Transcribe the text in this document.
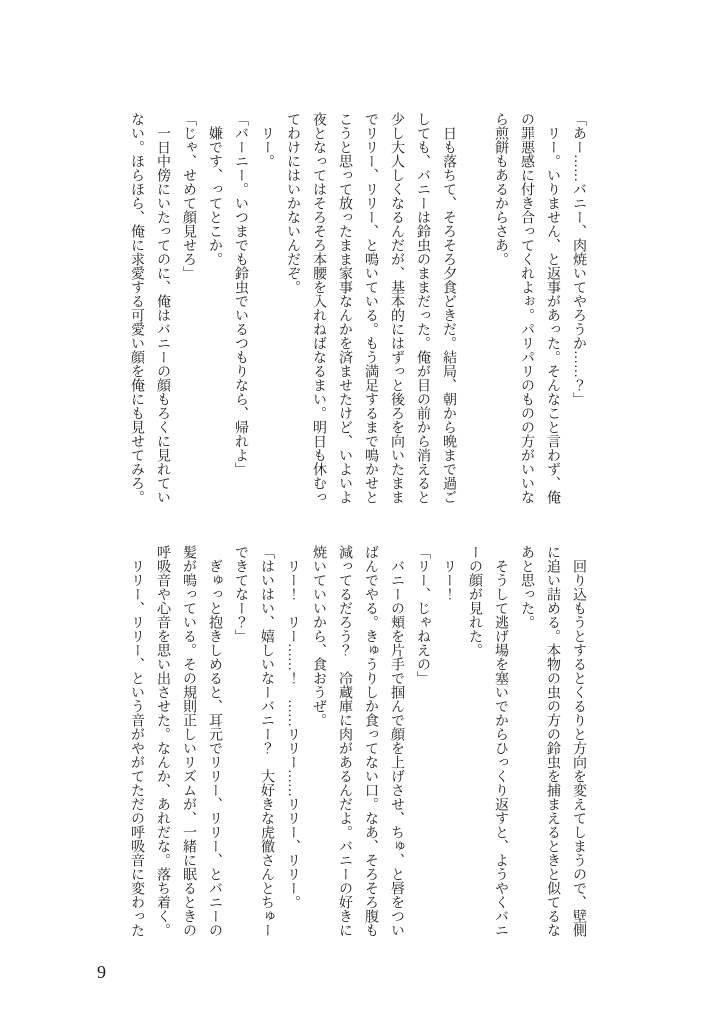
「あー……バニー、肉焼いてやろうか……？」

リー。いりません、と返事があった。そんなこと言わず、俺の罪悪感に付き合ってくれよぉ。パリパリのものの方がいいなら煎餅もあるからさあ。

日も落ちて、そろそろ夕食どきだ。結局、朝から晩まで過ごしても、バニーは鈴虫のままだった。俺が目の前から消えると少し大人しくなるんだが、基本的にはずっと後ろを向いたままでリリー、リリー、と鳴いている。もう満足するまで鳴かせとこうと思って放ったまま家事なんかを済ませたけど、いよいよ夜となってはそろそろ本腰を入れねばなるまい。明日も休むってわけにはいかないんだぞ。

リー。

「バーニー。いつまでも鈴虫でいるつもりなら、帰れよ」

嫌です、ってとこか。

「じゃ、せめて顔見せろ」

一日中傍にいたってのに、俺はバニーの顔もろくに見れていない。ほらほら、俺に求愛する可愛い顔を俺にも見せてみろ。

回り込もうとするとくるりと方向を変えてしまうので、壁側に追い詰める。本物の虫の方の鈴虫を捕まえるときと似てるなあと思った。

そうして逃げ場を塞いでからひっくり返すと、ようやくバニーの顔が見れた。

リー！

「リー、じゃねえの」

バニーの頬を片手で掴んで顔を上げさせ、ちゅ、と唇をついばんでやる。きゅうりしか食ってない口。なあ、そろそろ腹も減ってるだろう？　冷蔵庫に肉があるんだよ。バニーの好きに焼いていいから、食おうぜ。

リー！　リー……！　……リリー……リリー、リリー。

「はいはい、嬉しいなーバニー？　大好きな虎徹さんとちゅーできてなー？」

ぎゅっと抱きしめると、耳元でリリー、リリー、とバニーの髪が鳴っている。その規則正しいリズムが、一緒に眠るときの呼吸音や心音を思い出させた。なんか、あれだな。落ち着く。

リリー、リリー、という音がやがてただの呼吸音に変わった

9
